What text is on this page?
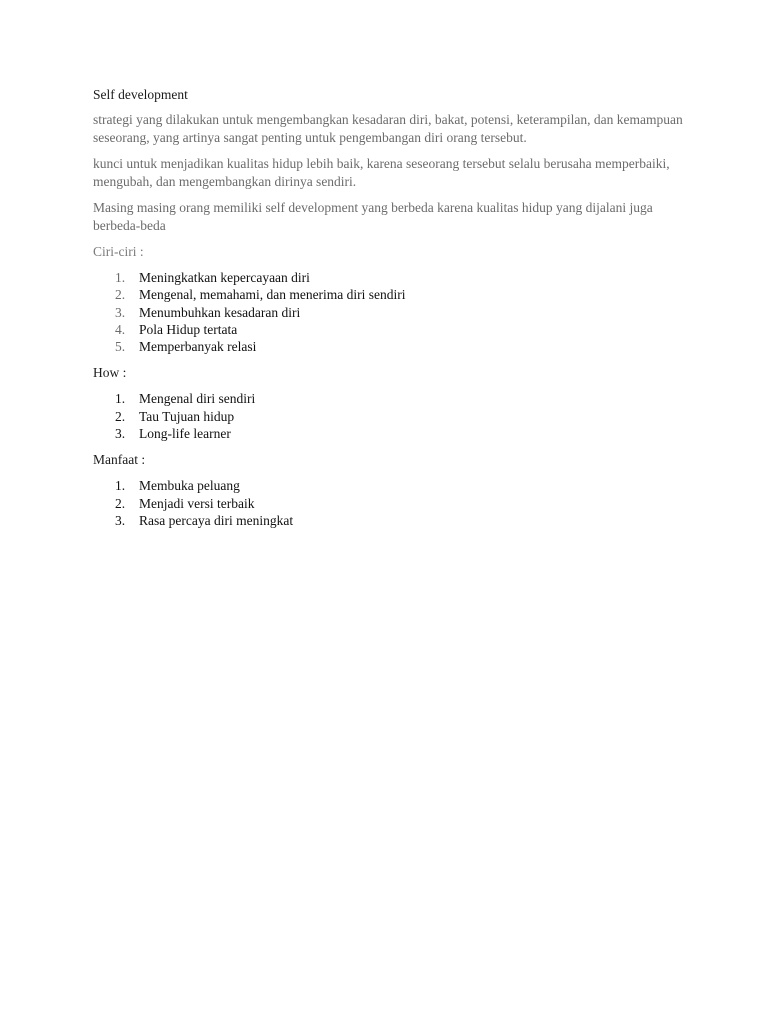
Self development

strategi yang dilakukan untuk mengembangkan kesadaran diri, bakat, potensi, keterampilan, dan kemampuan seseorang, yang artinya sangat penting untuk pengembangan diri orang tersebut.

kunci untuk menjadikan kualitas hidup lebih baik, karena seseorang tersebut selalu berusaha memperbaiki, mengubah, dan mengembangkan dirinya sendiri.

Masing masing orang memiliki self development yang berbeda karena kualitas hidup yang dijalani juga berbeda-beda

Ciri-ciri :
1. Meningkatkan kepercayaan diri
2. Mengenal, memahami, dan menerima diri sendiri
3. Menumbuhkan kesadaran diri
4. Pola Hidup tertata
5. Memperbanyak relasi
How :
1. Mengenal diri sendiri
2. Tau Tujuan hidup
3. Long-life learner
Manfaat :
1. Membuka peluang
2. Menjadi versi terbaik
3. Rasa percaya diri meningkat
